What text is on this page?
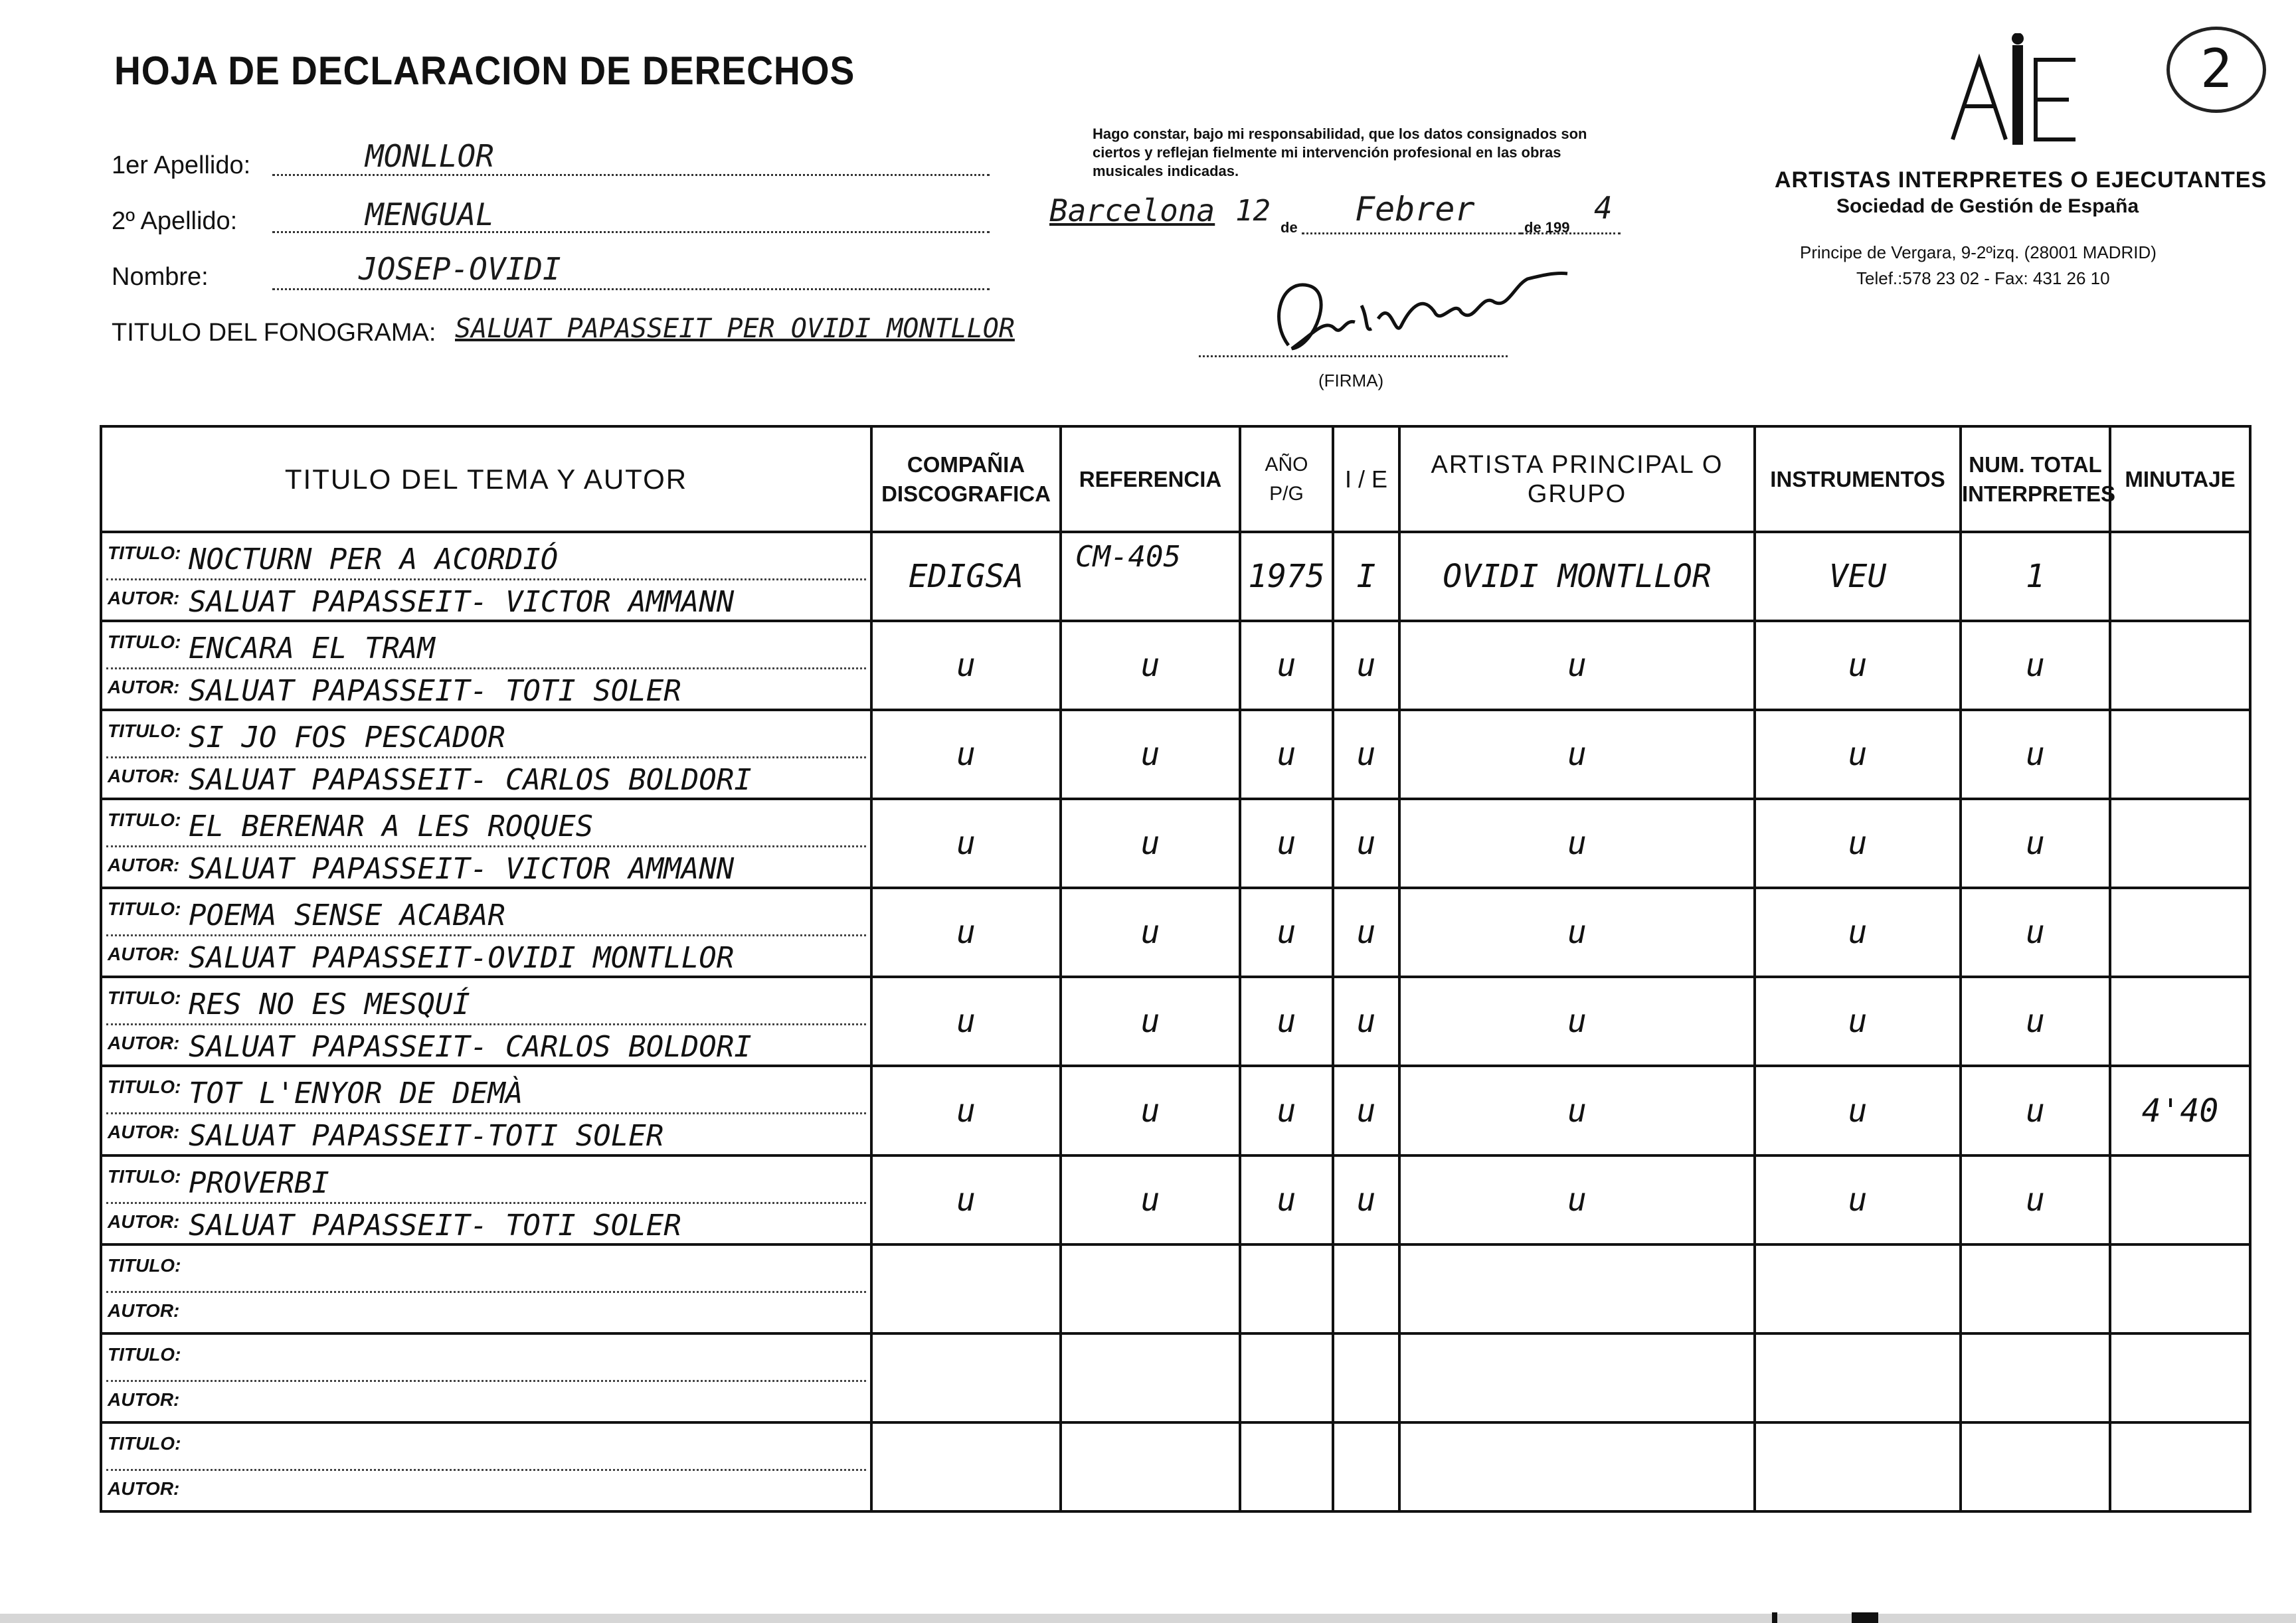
HOJA DE DECLARACION DE DERECHOS
1er Apellido:	MONLLOR
2º Apellido:	MENGUAL
Nombre:	JOSEP-OVIDI
TITULO DEL FONOGRAMA: SALUAT PAPASSEIT PER OVIDI MONTLLOR
Hago constar, bajo mi responsabilidad, que los datos consignados son ciertos y reflejan fielmente mi intervención profesional en las obras musicales indicadas.
Barcelona 12 de Febrer	de 199
4
(FIRMA)
2
ARTISTAS INTERPRETES O EJECUTANTES
Sociedad de Gestión de España
Principe de Vergara, 9-2ºizq. (28001 MADRID)
Telef.:578 23 02 - Fax: 431 26 10
TITULO DEL TEMA Y AUTOR	COMPAÑIA DISCOGRAFICA	REFERENCIA	AÑO P/G	I / E	ARTISTA PRINCIPAL O GRUPO	INSTRUMENTOS	NUM. TOTAL INTERPRETES	MINUTAJE

TITULO: NOCTURN PER A ACORDIÓ
AUTOR: SALUAT PAPASSEIT- VICTOR AMMANN	EDIGSA	CM-405	1975	I	OVIDI MONTLLOR	VEU	1	

TITULO: ENCARA EL TRAM
AUTOR: SALUAT PAPASSEIT- TOTI SOLER	u	u	u	u	u	u	u	

TITULO: SI JO FOS PESCADOR
AUTOR: SALUAT PAPASSEIT- CARLOS BOLDORI	u	u	u	u	u	u	u	

TITULO: EL BERENAR A LES ROQUES
AUTOR: SALUAT PAPASSEIT- VICTOR AMMANN	u	u	u	u	u	u	u	

TITULO: POEMA SENSE ACABAR
AUTOR: SALUAT PAPASSEIT-OVIDI MONTLLOR	u	u	u	u	u	u	u	

TITULO: RES NO ES MESQUÍ
AUTOR: SALUAT PAPASSEIT- CARLOS BOLDORI	u	u	u	u	u	u	u	

TITULO: TOT L'ENYOR DE DEMÀ
AUTOR: SALUAT PAPASSEIT-TOTI SOLER	u	u	u	u	u	u	u	4'40

TITULO: PROVERBI
AUTOR: SALUAT PAPASSEIT- TOTI SOLER	u	u	u	u	u	u	u	

TITULO:
AUTOR:								

TITULO:
AUTOR:								

TITULO:
AUTOR:								
